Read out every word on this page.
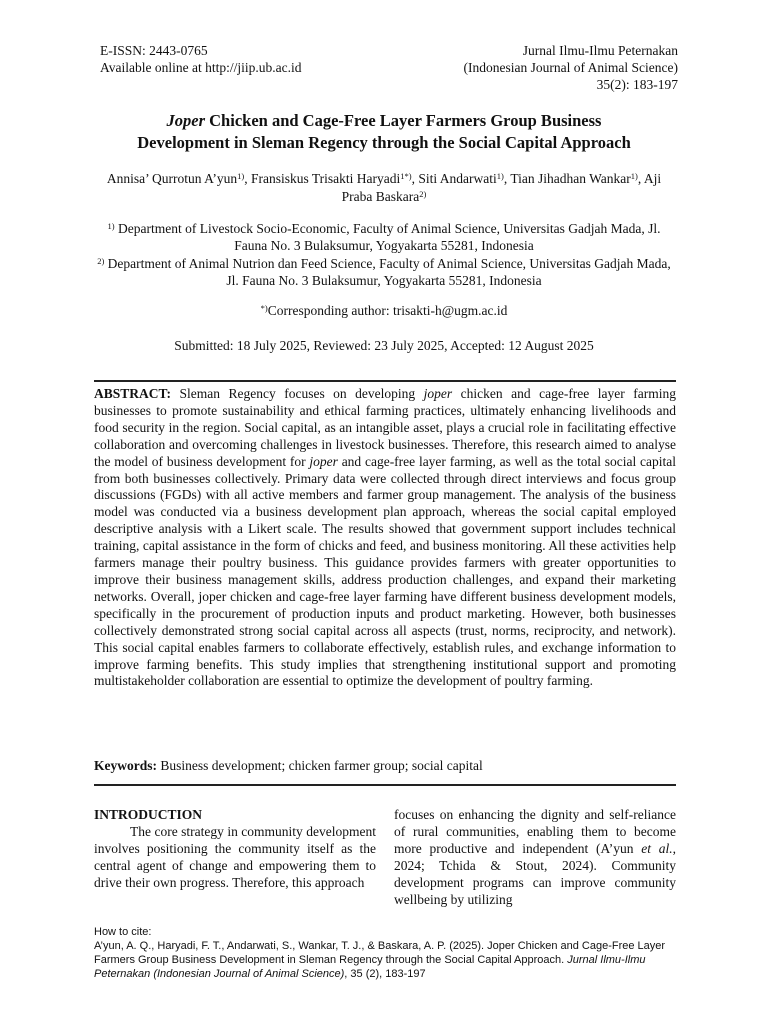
E-ISSN: 2443-0765
Available online at http://jiip.ub.ac.id
Jurnal Ilmu-Ilmu Peternakan
(Indonesian Journal of Animal Science)
35(2): 183-197
Joper Chicken and Cage-Free Layer Farmers Group Business
Development in Sleman Regency through the Social Capital Approach
Annisa’ Qurrotun A’yun$^{1)}$, Fransiskus Trisakti Haryadi$^{1*)}$, Siti Andarwati$^{1)}$, Tian Jihadhan Wankar$^{1)}$, Aji Praba Baskara$^{2)}$
$^{1)}$ Department of Livestock Socio-Economic, Faculty of Animal Science, Universitas Gadjah Mada, Jl. Fauna No. 3 Bulaksumur, Yogyakarta 55281, Indonesia
$^{2)}$ Department of Animal Nutrion dan Feed Science, Faculty of Animal Science, Universitas Gadjah Mada, Jl. Fauna No. 3 Bulaksumur, Yogyakarta 55281, Indonesia
*)Corresponding author: trisakti-h@ugm.ac.id
Submitted: 18 July 2025, Reviewed: 23 July 2025, Accepted: 12 August 2025
ABSTRACT: Sleman Regency focuses on developing joper chicken and cage-free layer farming businesses to promote sustainability and ethical farming practices, ultimately enhancing livelihoods and food security in the region. Social capital, as an intangible asset, plays a crucial role in facilitating effective collaboration and overcoming challenges in livestock businesses. Therefore, this research aimed to analyse the model of business development for joper and cage-free layer farming, as well as the total social capital from both businesses collectively. Primary data were collected through direct interviews and focus group discussions (FGDs) with all active members and farmer group management. The analysis of the business model was conducted via a business development plan approach, whereas the social capital employed descriptive analysis with a Likert scale. The results showed that government support includes technical training, capital assistance in the form of chicks and feed, and business monitoring. All these activities help farmers manage their poultry business. This guidance provides farmers with greater opportunities to improve their business management skills, address production challenges, and expand their marketing networks. Overall, joper chicken and cage-free layer farming have different business development models, specifically in the procurement of production inputs and product marketing. However, both businesses collectively demonstrated strong social capital across all aspects (trust, norms, reciprocity, and network). This social capital enables farmers to collaborate effectively, establish rules, and exchange information to improve farming benefits. This study implies that strengthening institutional support and promoting multistakeholder collaboration are essential to optimize the development of poultry farming.
Keywords: Business development; chicken farmer group; social capital
INTRODUCTION
The core strategy in community development involves positioning the community itself as the central agent of change and empowering them to drive their own progress. Therefore, this approach
focuses on enhancing the dignity and self-reliance of rural communities, enabling them to become more productive and independent (A’yun et al., 2024; Tchida & Stout, 2024). Community development programs can improve community wellbeing by utilizing
How to cite:
A’yun, A. Q., Haryadi, F. T., Andarwati, S., Wankar, T. J., & Baskara, A. P. (2025). Joper Chicken and Cage-Free Layer Farmers Group Business Development in Sleman Regency through the Social Capital Approach. Jurnal Ilmu-Ilmu Peternakan (Indonesian Journal of Animal Science), 35 (2), 183-197
